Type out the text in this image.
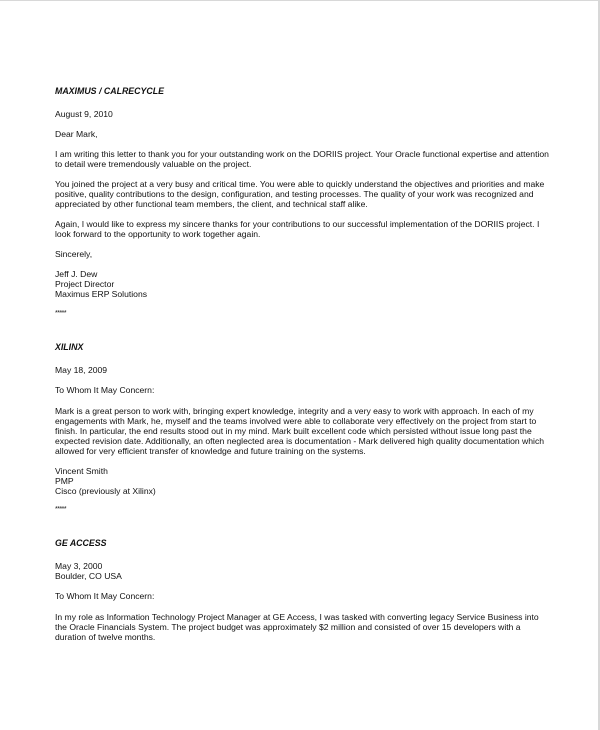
MAXIMUS / CALRECYCLE

August 9, 2010

Dear Mark,

I am writing this letter to thank you for your outstanding work on the DORIIS project. Your Oracle functional expertise and attention to detail were tremendously valuable on the project.

You joined the project at a very busy and critical time. You were able to quickly understand the objectives and priorities and make positive, quality contributions to the design, configuration, and testing processes. The quality of your work was recognized and appreciated by other functional team members, the client, and technical staff alike.

Again, I would like to express my sincere thanks for your contributions to our successful implementation of the DORIIS project. I look forward to the opportunity to work together again.

Sincerely,

Jeff J. Dew

Project Director

Maximus ERP Solutions

*****

XILINX

May 18, 2009

To Whom It May Concern:

Mark is a great person to work with, bringing expert knowledge, integrity and a very easy to work with approach. In each of my engagements with Mark, he, myself and the teams involved were able to collaborate very effectively on the project from start to finish. In particular, the end results stood out in my mind. Mark built excellent code which persisted without issue long past the expected revision date. Additionally, an often neglected area is documentation - Mark delivered high quality documentation which allowed for very efficient transfer of knowledge and future training on the systems.

Vincent Smith

PMP

Cisco (previously at Xilinx)

*****

GE ACCESS

May 3, 2000

Boulder, CO USA

To Whom It May Concern:

In my role as Information Technology Project Manager at GE Access, I was tasked with converting legacy Service Business into the Oracle Financials System. The project budget was approximately $2 million and consisted of over 15 developers with a duration of twelve months.
